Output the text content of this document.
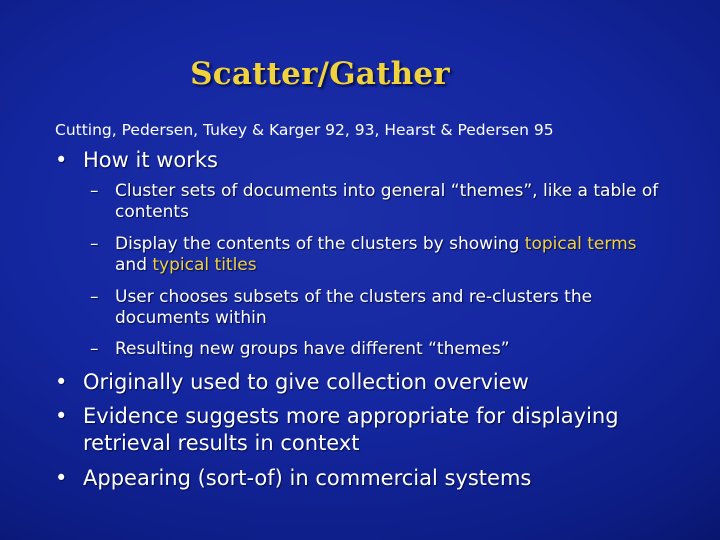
Scatter/Gather
Cutting, Pedersen, Tukey & Karger 92, 93, Hearst & Pedersen 95
• How it works
– Cluster sets of documents into general “themes”, like a table of contents
– Display the contents of the clusters by showing topical terms and typical titles
– User chooses subsets of the clusters and re-clusters the documents within
– Resulting new groups have different “themes”
• Originally used to give collection overview
• Evidence suggests more appropriate for displaying retrieval results in context
• Appearing (sort-of) in commercial systems
